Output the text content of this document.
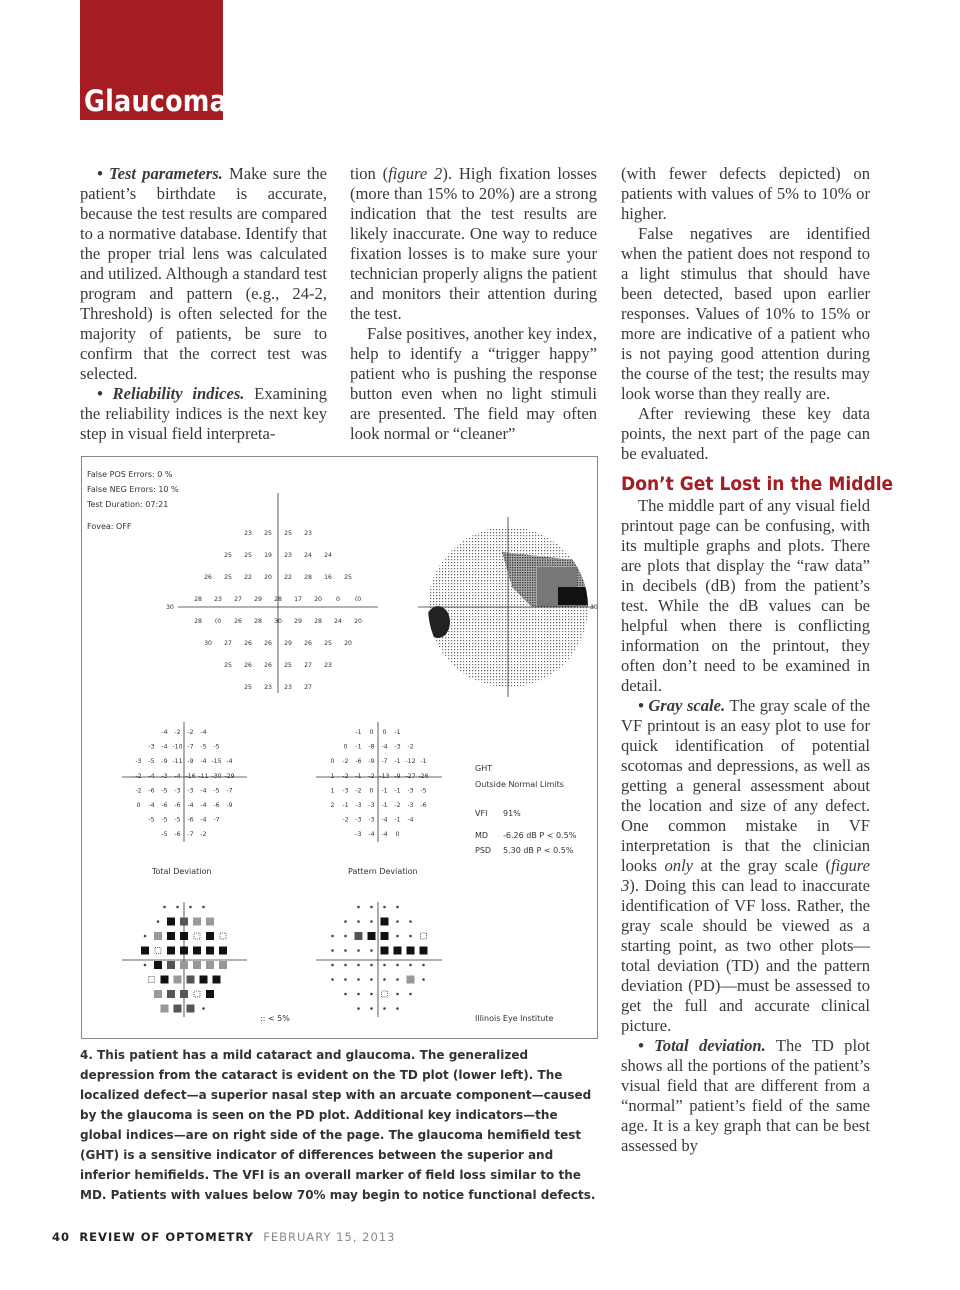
Glaucoma

• Test parameters. Make sure the patient’s birthdate is accurate, because the test results are compared to a normative database. Identify that the proper trial lens was calculated and utilized. Although a standard test program and pattern (e.g., 24-2, Threshold) is often selected for the majority of patients, be sure to confirm that the correct test was selected.

• Reliability indices. Examining the reliability indices is the next key step in visual field interpreta-

tion (figure 2). High fixation losses (more than 15% to 20%) are a strong indication that the test results are likely inaccurate. One way to reduce fixation losses is to make sure your technician properly aligns the patient and monitors their attention during the test.

False positives, another key index, help to identify a “trigger happy” patient who is pushing the response button even when no light stimuli are presented. The field may often look normal or “cleaner”

(with fewer defects depicted) on patients with values of 5% to 10% or higher.

False negatives are identified when the patient does not respond to a light stimulus that should have been detected, based upon earlier responses. Values of 10% to 15% or more are indicative of a patient who is not paying good attention during the course of the test; the results may look worse than they really are.

After reviewing these key data points, the next part of the page can be evaluated.

Don’t Get Lost in the Middle

The middle part of any visual field printout page can be confusing, with its multiple graphs and plots. There are plots that display the “raw data” in decibels (dB) from the patient’s test. While the dB values can be helpful when there is conflicting information on the printout, they often don’t need to be examined in detail.

• Gray scale. The gray scale of the VF printout is an easy plot to use for quick identification of potential scotomas and depressions, as well as getting a general assessment about the location and size of any defect. One common mistake in VF interpretation is that the clinician looks only at the gray scale (figure 3). Doing this can lead to inaccurate identification of VF loss. Rather, the gray scale should be viewed as a starting point, as two other plots—total deviation (TD) and the pattern deviation (PD)—must be assessed to get the full and accurate clinical picture.

• Total deviation. The TD plot shows all the portions of the patient’s visual field that are different from a “normal” patient’s field of the same age. It is a key graph that can be best assessed by

False POS Errors: 0 %
False NEG Errors: 10 %
Test Duration: 07:21
Fovea: OFF
30
23 25 25 23
25 25 19 23 24 24
26 25 22 20 22 28 16 25
28 23 27 29 28 17 20 0 (0
28 (0 26 28 30 29 28 24 20
30 27 26 26 29 26 25 20
25 26 26 25 27 23
25 23 23 27
30
-4 -2 -2 -4
-3 -4 -10 -7 -5 -5
-3 -5 -9 -11 -9 -4 -15 -4
-2 -4 -3 -4 -16 -11 -30 -29
-2 -6 -5 -3 -3 -4 -5 -7
0 -4 -6 -6 -4 -4 -6 -9
-5 -5 -5 -6 -4 -7
-5 -6 -7 -2
Total Deviation
-1 0 0 -1
0 -1 -8 -4 -3 -2
0 -2 -6 -9 -7 -1 -12 -1
1 -2 -1 -2 -13 -9 -27 -26
1 -3 -2 0 -1 -1 -3 -5
2 -1 -3 -3 -1 -2 -3 -6
-2 -3 -3 -4 -1 -4
-3 -4 -4 0
Pattern Deviation
GHT
Outside Normal Limits
VFI 91%
MD -6.26 dB P < 0.5%
PSD 5.30 dB P < 0.5%
:: < 5%	Illinois Eye Institute
4. This patient has a mild cataract and glaucoma. The generalized depression from the cataract is evident on the TD plot (lower left). The localized defect—a superior nasal step with an arcuate component—caused by the glaucoma is seen on the PD plot. Additional key indicators—the global indices—are on right side of the page. The glaucoma hemifield test (GHT) is a sensitive indicator of differences between the superior and inferior hemifields. The VFI is an overall marker of field loss similar to the MD. Patients with values below 70% may begin to notice functional defects.
40 REVIEW OF OPTOMETRY FEBRUARY 15, 2013
